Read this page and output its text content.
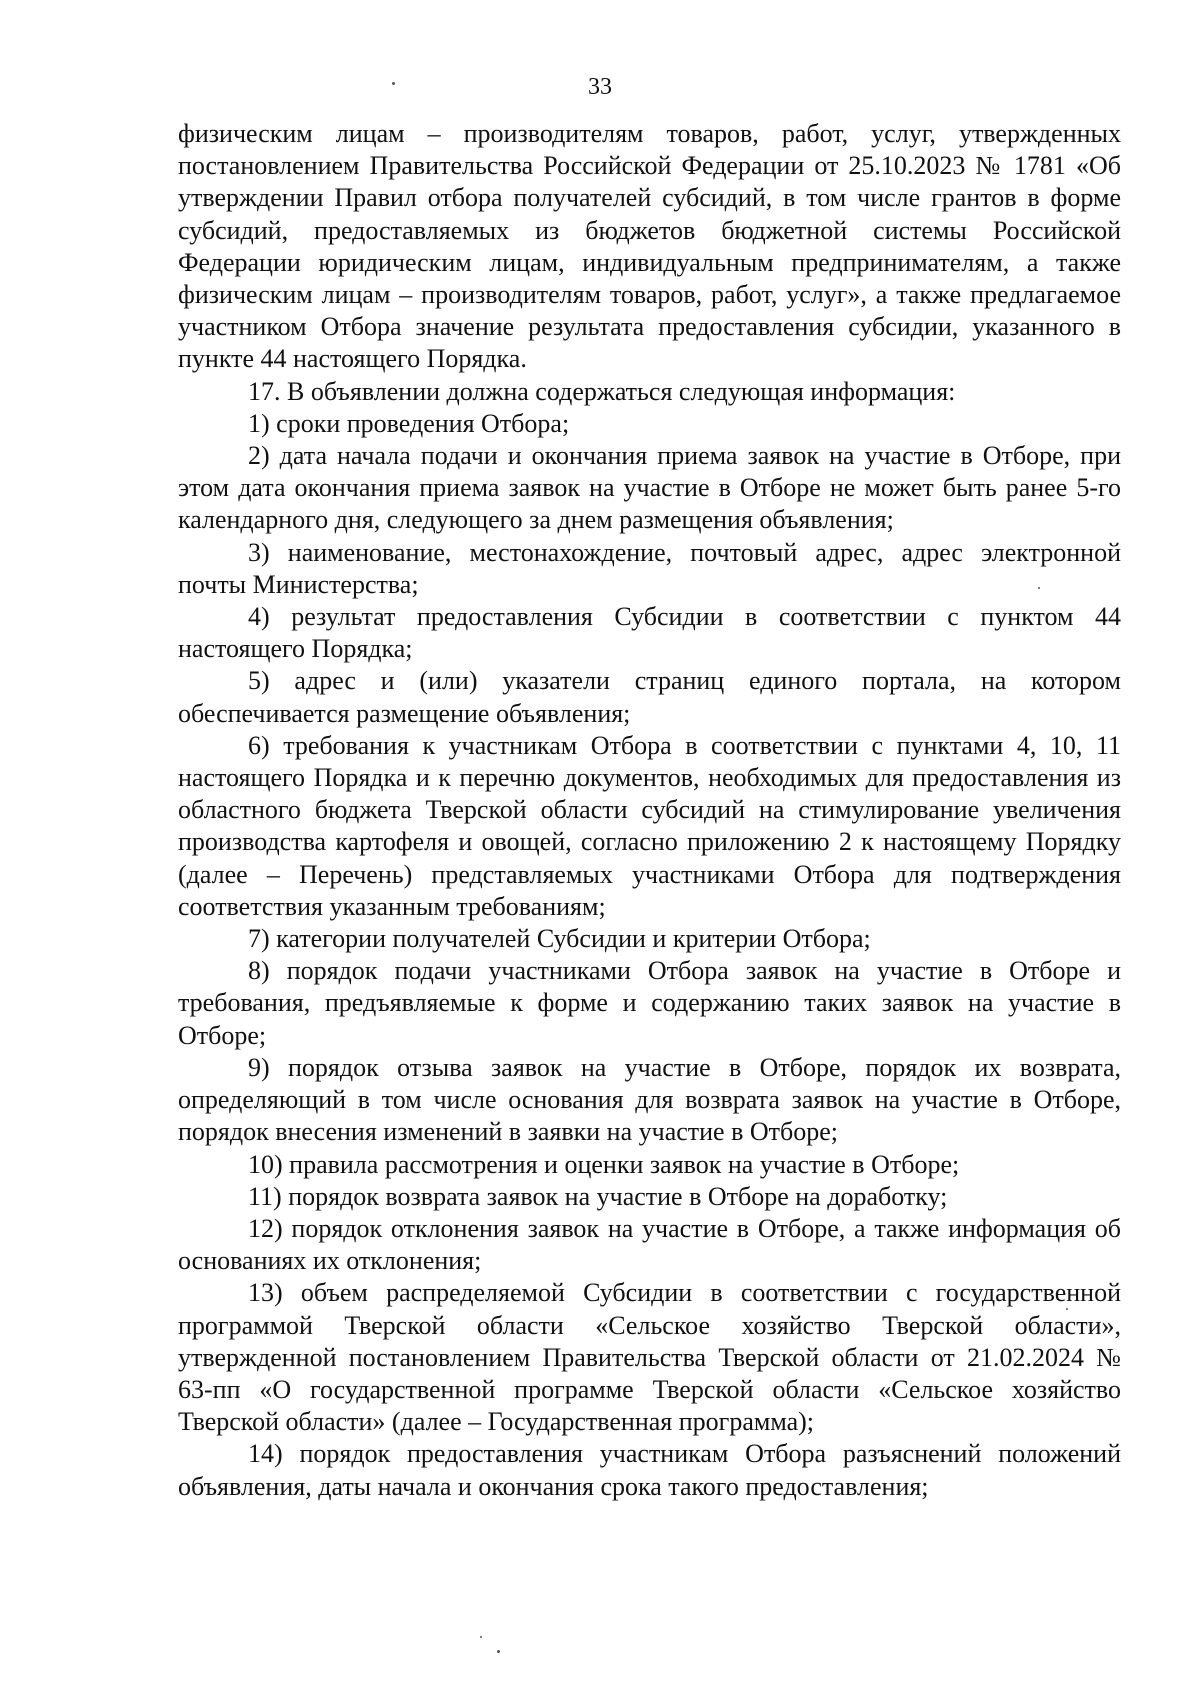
33

физическим лицам – производителям товаров, работ, услуг, утвержденных постановлением Правительства Российской Федерации от 25.10.2023 № 1781 «Об утверждении Правил отбора получателей субсидий, в том числе грантов в форме субсидий, предоставляемых из бюджетов бюджетной системы Российской Федерации юридическим лицам, индивидуальным предпринимателям, а также физическим лицам – производителям товаров, работ, услуг», а также предлагаемое участником Отбора значение результата предоставления субсидии, указанного в пункте 44 настоящего Порядка.

17. В объявлении должна содержаться следующая информация:

1) сроки проведения Отбора;

2) дата начала подачи и окончания приема заявок на участие в Отборе, при этом дата окончания приема заявок на участие в Отборе не может быть ранее 5-го календарного дня, следующего за днем размещения объявления;

3) наименование, местонахождение, почтовый адрес, адрес электронной почты Министерства;

4) результат предоставления Субсидии в соответствии с пунктом 44 настоящего Порядка;

5) адрес и (или) указатели страниц единого портала, на котором обеспечивается размещение объявления;

6) требования к участникам Отбора в соответствии с пунктами 4, 10, 11 настоящего Порядка и к перечню документов, необходимых для предоставления из областного бюджета Тверской области субсидий на стимулирование увеличения производства картофеля и овощей, согласно приложению 2 к настоящему Порядку (далее – Перечень) представляемых участниками Отбора для подтверждения соответствия указанным требованиям;

7) категории получателей Субсидии и критерии Отбора;

8) порядок подачи участниками Отбора заявок на участие в Отборе и требования, предъявляемые к форме и содержанию таких заявок на участие в Отборе;

9) порядок отзыва заявок на участие в Отборе, порядок их возврата, определяющий в том числе основания для возврата заявок на участие в Отборе, порядок внесения изменений в заявки на участие в Отборе;

10) правила рассмотрения и оценки заявок на участие в Отборе;

11) порядок возврата заявок на участие в Отборе на доработку;

12) порядок отклонения заявок на участие в Отборе, а также информация об основаниях их отклонения;

13) объем распределяемой Субсидии в соответствии с государственной программой Тверской области «Сельское хозяйство Тверской области», утвержденной постановлением Правительства Тверской области от 21.02.2024 № 63-пп «О государственной программе Тверской области «Сельское хозяйство Тверской области» (далее – Государственная программа);

14) порядок предоставления участникам Отбора разъяснений положений объявления, даты начала и окончания срока такого предоставления;
